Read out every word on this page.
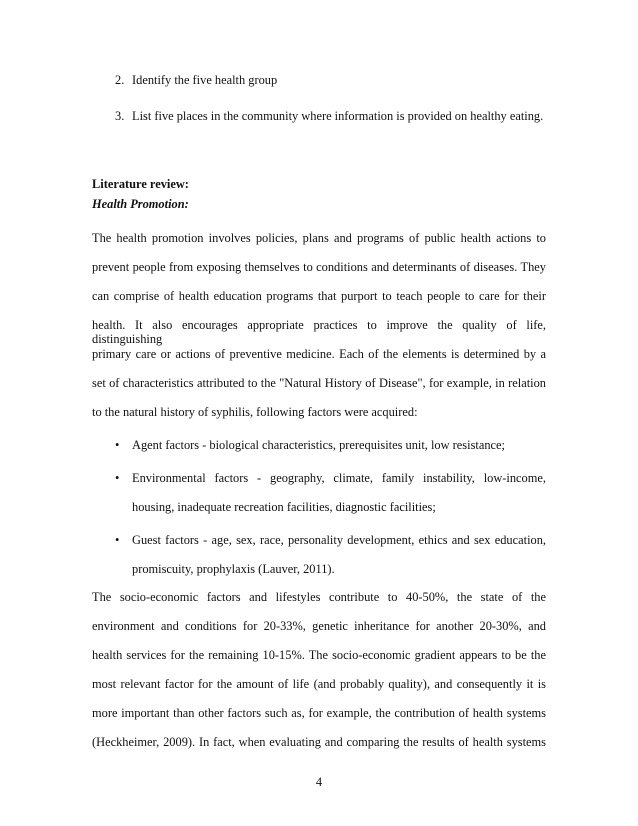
2. Identify the five health group
3. List five places in the community where information is provided on healthy eating.
Literature review:
Health Promotion:
The health promotion involves policies, plans and programs of public health actions to
prevent people from exposing themselves to conditions and determinants of diseases. They
can comprise of health education programs that purport to teach people to care for their
health. It also encourages appropriate practices to improve the quality of life, distinguishing
primary care or actions of preventive medicine. Each of the elements is determined by a
set of characteristics attributed to the "Natural History of Disease", for example, in relation
to the natural history of syphilis, following factors were acquired:
• Agent factors - biological characteristics, prerequisites unit, low resistance;
• Environmental factors - geography, climate, family instability, low-income,
housing, inadequate recreation facilities, diagnostic facilities;
• Guest factors - age, sex, race, personality development, ethics and sex education,
promiscuity, prophylaxis (Lauver, 2011).
The socio-economic factors and lifestyles contribute to 40-50%, the state of the
environment and conditions for 20-33%, genetic inheritance for another 20-30%, and
health services for the remaining 10-15%. The socio-economic gradient appears to be the
most relevant factor for the amount of life (and probably quality), and consequently it is
more important than other factors such as, for example, the contribution of health systems
(Heckheimer, 2009). In fact, when evaluating and comparing the results of health systems
4
